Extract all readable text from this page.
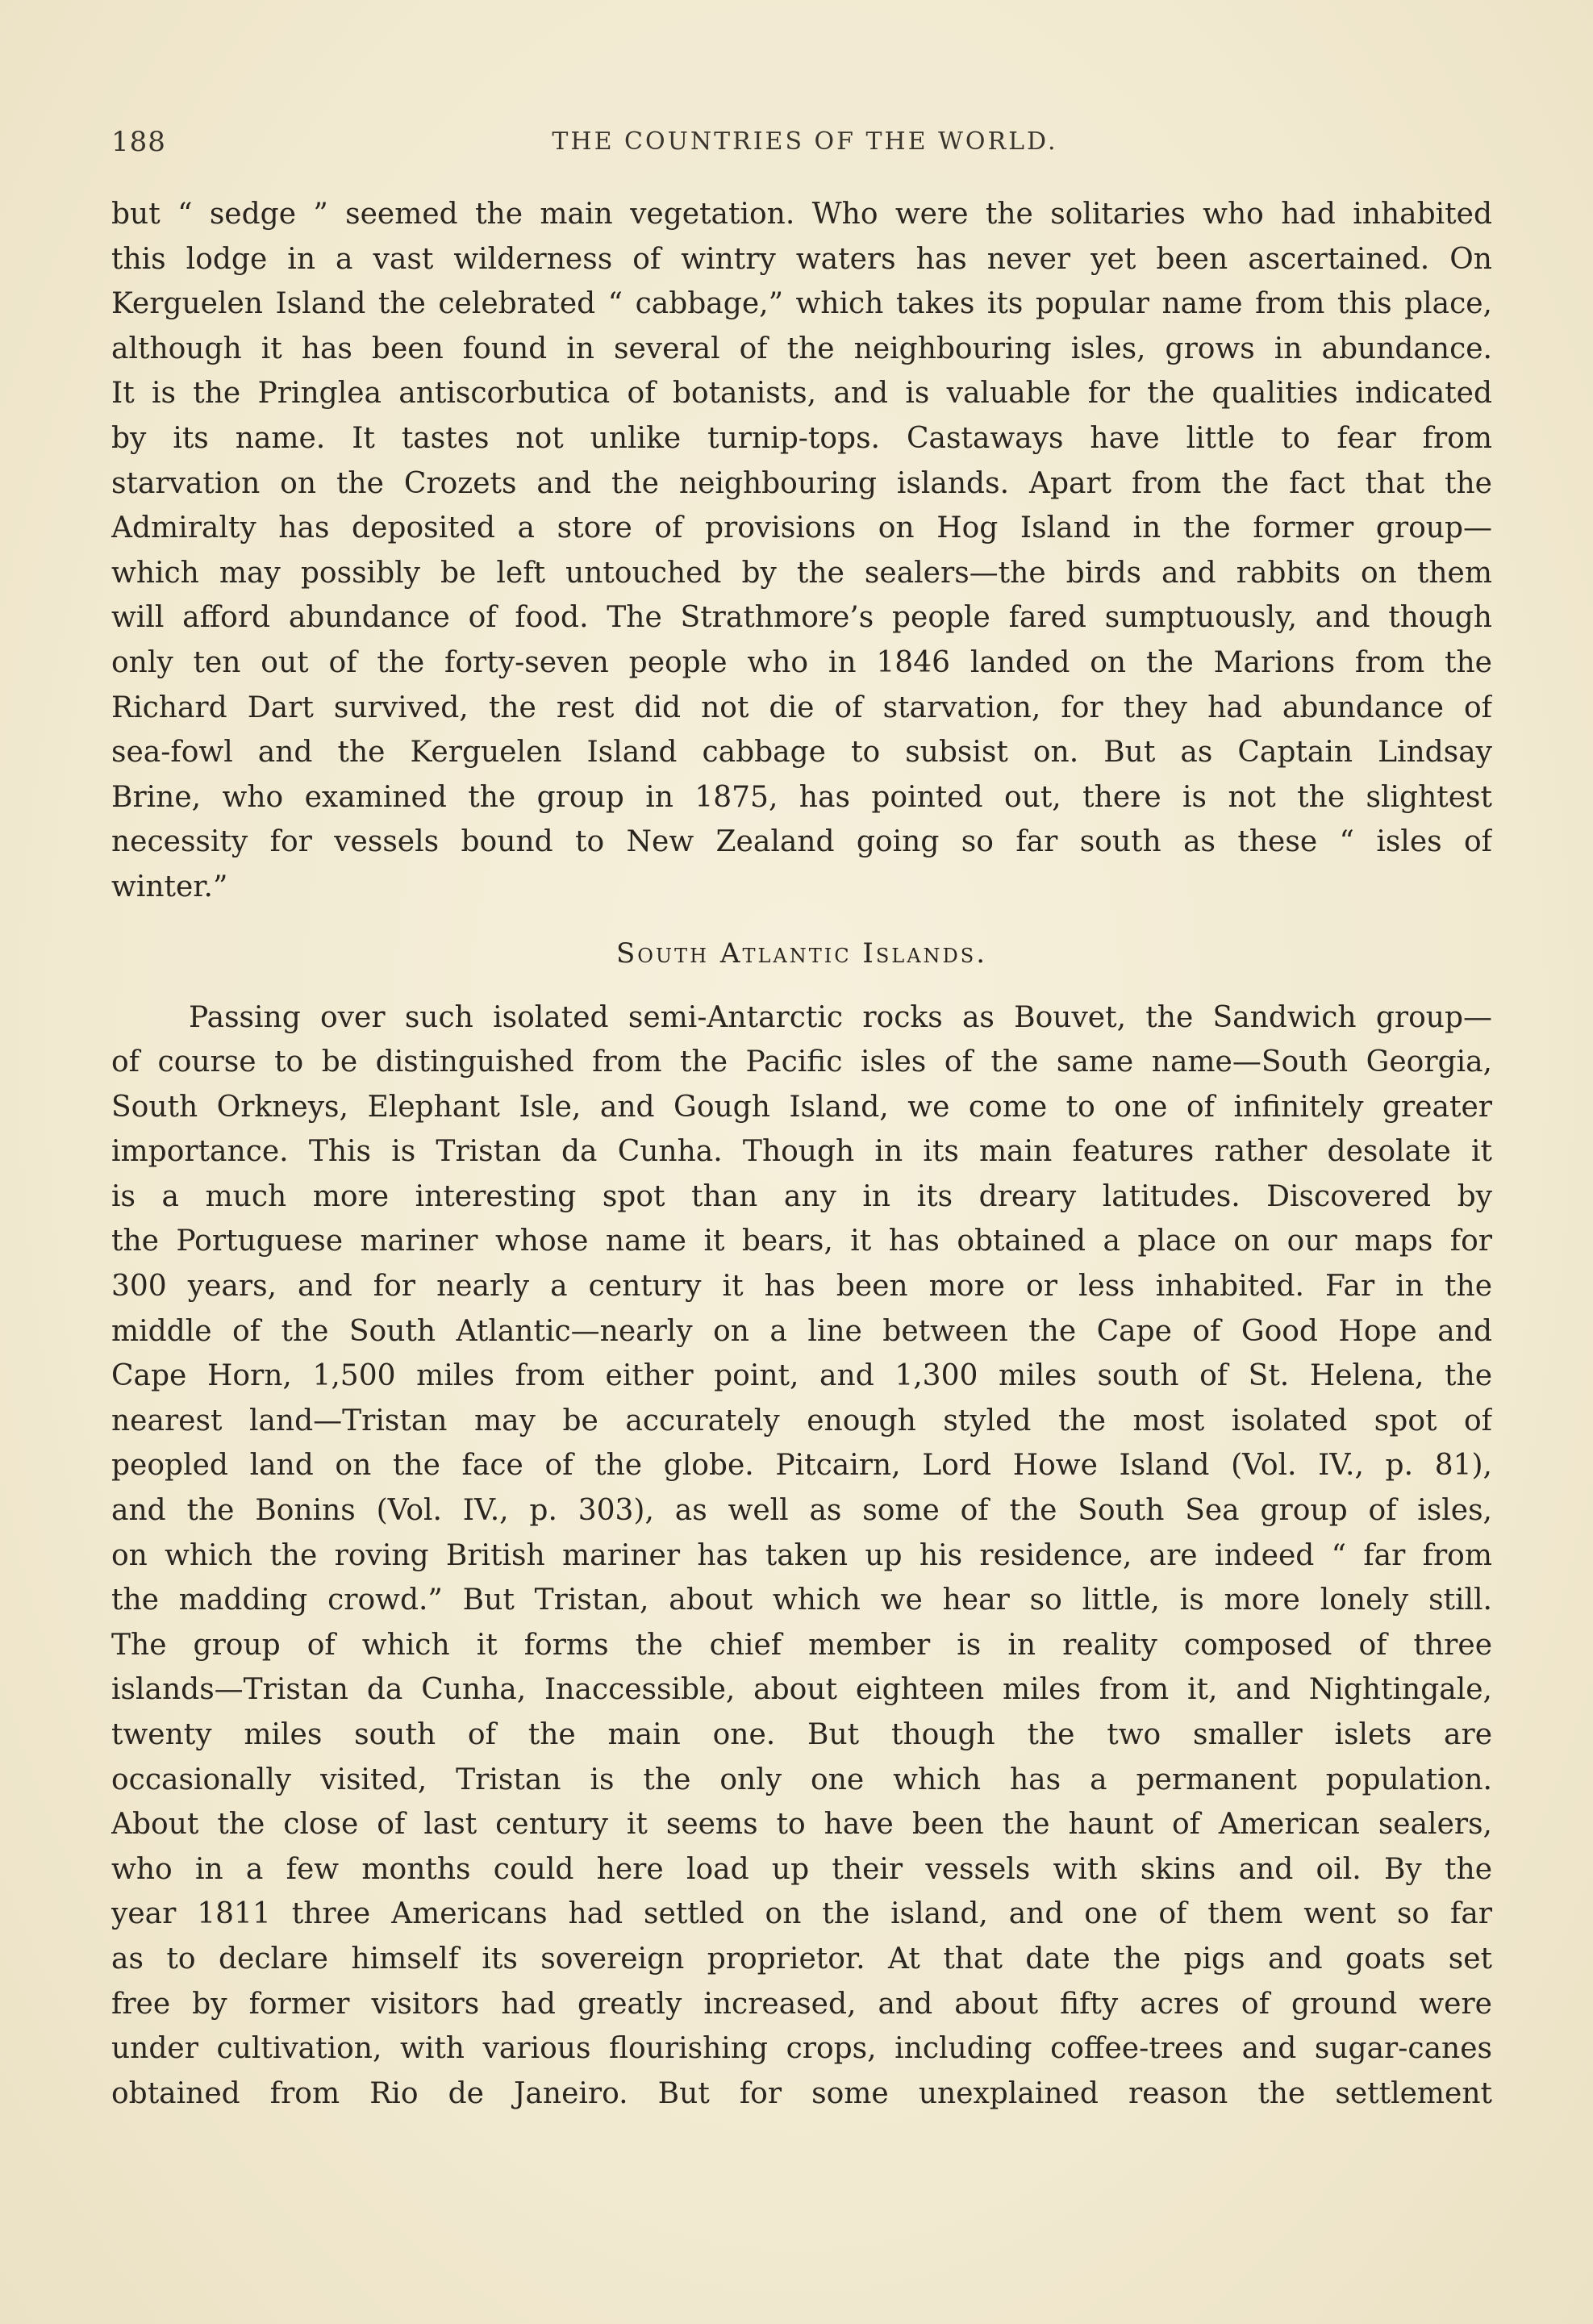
188	THE COUNTRIES OF THE WORLD.
but “ sedge ” seemed the main vegetation. Who were the solitaries who had inhabited
this lodge in a vast wilderness of wintry waters has never yet been ascertained. On
Kerguelen Island the celebrated “ cabbage,” which takes its popular name from this place,
although it has been found in several of the neighbouring isles, grows in abundance.
It is the Pringlea antiscorbutica of botanists, and is valuable for the qualities indicated
by its name. It tastes not unlike turnip-tops. Castaways have little to fear from
starvation on the Crozets and the neighbouring islands. Apart from the fact that the
Admiralty has deposited a store of provisions on Hog Island in the former group—
which may possibly be left untouched by the sealers—the birds and rabbits on them
will afford abundance of food. The Strathmore’s people fared sumptuously, and though
only ten out of the forty-seven people who in 1846 landed on the Marions from the
Richard Dart survived, the rest did not die of starvation, for they had abundance of
sea-fowl and the Kerguelen Island cabbage to subsist on. But as Captain Lindsay
Brine, who examined the group in 1875, has pointed out, there is not the slightest
necessity for vessels bound to New Zealand going so far south as these “ isles of
winter.”
South Atlantic Islands.
Passing over such isolated semi-Antarctic rocks as Bouvet, the Sandwich group—
of course to be distinguished from the Pacific isles of the same name—South Georgia,
South Orkneys, Elephant Isle, and Gough Island, we come to one of infinitely greater
importance. This is Tristan da Cunha. Though in its main features rather desolate it
is a much more interesting spot than any in its dreary latitudes. Discovered by
the Portuguese mariner whose name it bears, it has obtained a place on our maps for
300 years, and for nearly a century it has been more or less inhabited. Far in the
middle of the South Atlantic—nearly on a line between the Cape of Good Hope and
Cape Horn, 1,500 miles from either point, and 1,300 miles south of St. Helena, the
nearest land—Tristan may be accurately enough styled the most isolated spot of
peopled land on the face of the globe. Pitcairn, Lord Howe Island (Vol. IV., p. 81),
and the Bonins (Vol. IV., p. 303), as well as some of the South Sea group of isles,
on which the roving British mariner has taken up his residence, are indeed “ far from
the madding crowd.” But Tristan, about which we hear so little, is more lonely still.
The group of which it forms the chief member is in reality composed of three
islands—Tristan da Cunha, Inaccessible, about eighteen miles from it, and Nightingale,
twenty miles south of the main one. But though the two smaller islets are
occasionally visited, Tristan is the only one which has a permanent population.
About the close of last century it seems to have been the haunt of American sealers,
who in a few months could here load up their vessels with skins and oil. By the
year 1811 three Americans had settled on the island, and one of them went so far
as to declare himself its sovereign proprietor. At that date the pigs and goats set
free by former visitors had greatly increased, and about fifty acres of ground were
under cultivation, with various flourishing crops, including coffee-trees and sugar-canes
obtained from Rio de Janeiro. But for some unexplained reason the settlement
